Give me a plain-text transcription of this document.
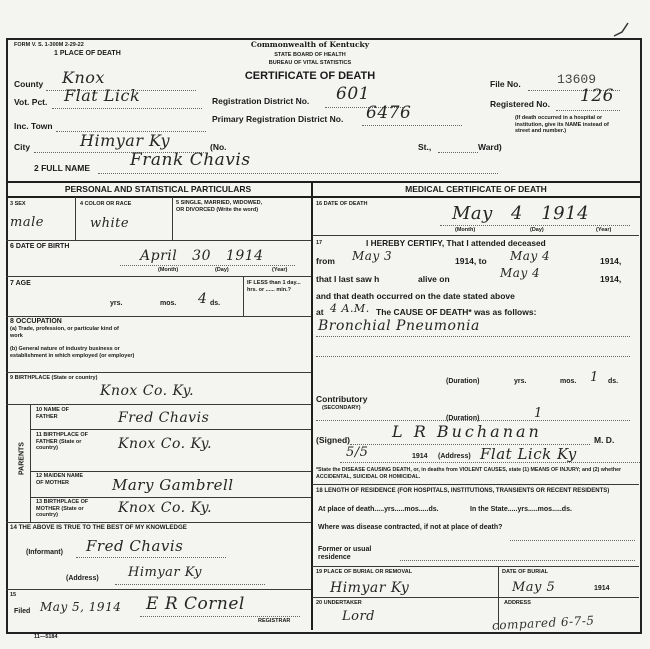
FORM V. S. 1-300M 2-29-22
1 PLACE OF DEATH
Commonwealth of Kentucky
STATE BOARD OF HEALTH
BUREAU OF VITAL STATISTICS
CERTIFICATE OF DEATH
County Knox
Vot. Pct. Flat Lick	Registration District No. 601	File No.	13609
Registered No. 126
Primary Registration District No. 6476
Inc. Town
(If death occurred in a hospital or institution, give its NAME instead of street and number.)
City	Himyar Ky	(No.	St.,	Ward)
2 FULL NAME Frank Chavis
PERSONAL AND STATISTICAL PARTICULARS	MEDICAL CERTIFICATE OF DEATH
3 SEX
male
4 COLOR OR RACE
white
5 SINGLE, MARRIED, WIDOWED, OR DIVORCED (Write the word)
6 DATE OF BIRTH
April 30 1914
(Month)	(Day)	(Year)
7 AGE
yrs.	mos. 4 ds.
IF LESS than 1 day... hrs. or ...... min.?
8 OCCUPATION
(a) Trade, profession, or particular kind of work
(b) General nature of industry business or establishment in which employed (or employer)
9 BIRTHPLACE (State or country)
Knox Co. Ky.
PARENTS
10 NAME OF FATHER	Fred Chavis
11 BIRTHPLACE OF FATHER (State or country)	Knox Co. Ky.
12 MAIDEN NAME OF MOTHER	Mary Gambrell
13 BIRTHPLACE OF MOTHER (State or country)	Knox Co. Ky.
14 THE ABOVE IS TRUE TO THE BEST OF MY KNOWLEDGE
(Informant) Fred Chavis
(Address) Himyar Ky
15
Filed May 5, 1914 E R Cornel
REGISTRAR
11—5184
16 DATE OF DEATH	May 4 1914
(Month)	(Day)	(Year)
17	I HEREBY CERTIFY, That I attended deceased
from May 3	1914, to May 4	1914,
that I last saw h	alive on	May 4	1914,
and that death occurred on the date stated above
at 4 A.M. The CAUSE OF DEATH* was as follows:
Bronchial Pneumonia
(Duration)	yrs.	mos. 1 ds.
Contributory
(SECONDARY)
(Duration)	1
(Signed)	L R Buchanan	M. D.
5/5	1914 (Address) Flat Lick Ky
*State the DISEASE CAUSING DEATH, or, in deaths from VIOLENT CAUSES, state (1) MEANS OF INJURY; and (2) whether ACCIDENTAL, SUICIDAL OR HOMICIDAL.
18 LENGTH OF RESIDENCE (FOR HOSPITALS, INSTITUTIONS, TRANSIENTS OR RECENT RESIDENTS)
At place of death.....yrs.....mos.....ds.	In the State.....yrs.....mos.....ds.
Where was disease contracted, if not at place of death?
Former or usual residence
19 PLACE OF BURIAL OR REMOVAL
Himyar Ky
DATE OF BURIAL
May 5	1914
20 UNDERTAKER
Lord
ADDRESS
compared 6-7-5
